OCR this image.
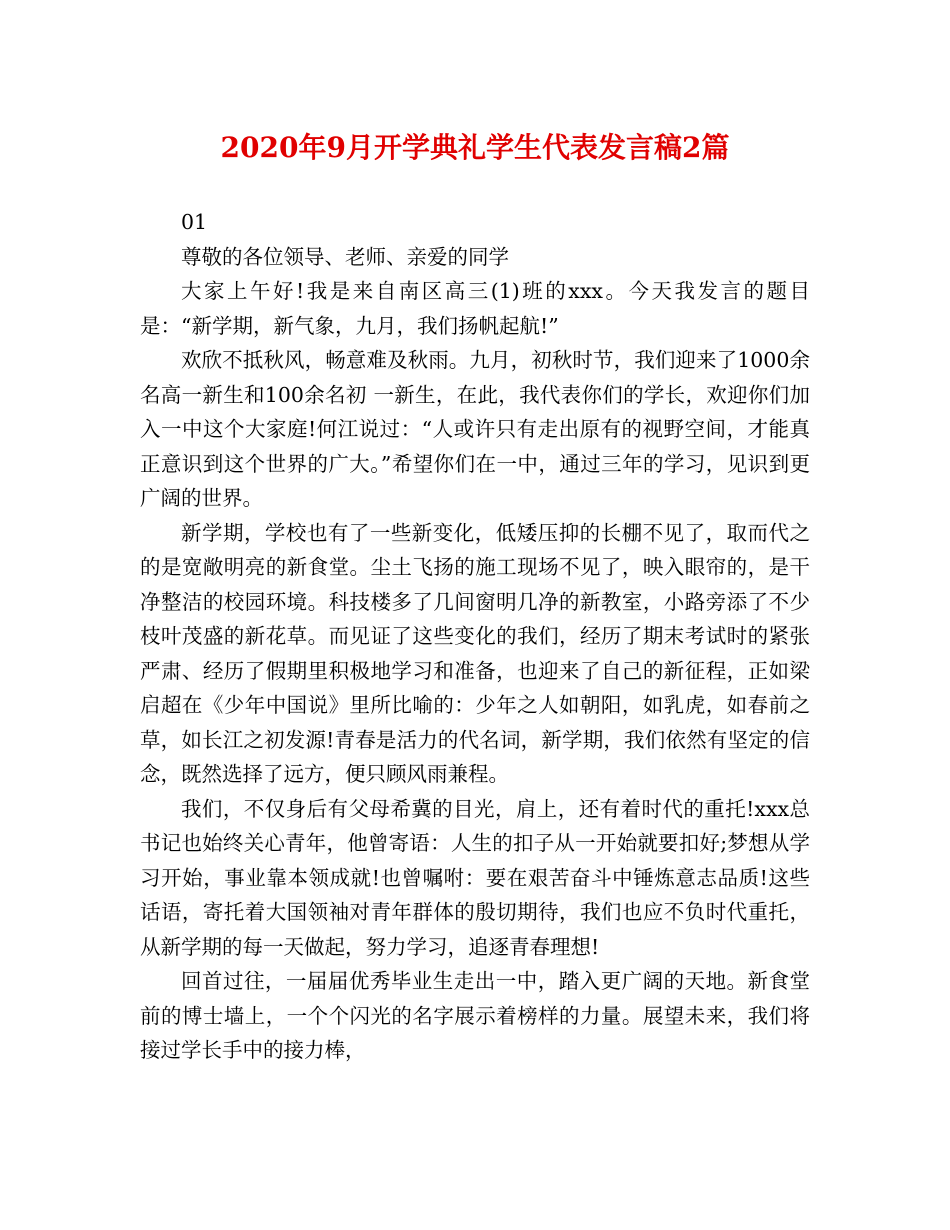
2020年9月开学典礼学生代表发言稿2篇

01

尊敬的各位领导、老师、亲爱的同学

大家上午好!我是来自南区高三(1)班的xxx。今天我发言的题目是：“新学期，新气象，九月，我们扬帆起航!”

欢欣不抵秋风，畅意难及秋雨。九月，初秋时节，我们迎来了1000余名高一新生和100余名初 一新生，在此，我代表你们的学长，欢迎你们加入一中这个大家庭!何江说过：“人或许只有走出原有的视野空间，才能真正意识到这个世界的广大。”希望你们在一中，通过三年的学习，见识到更广阔的世界。

新学期，学校也有了一些新变化，低矮压抑的长棚不见了，取而代之的是宽敞明亮的新食堂。尘土飞扬的施工现场不见了，映入眼帘的，是干净整洁的校园环境。科技楼多了几间窗明几净的新教室，小路旁添了不少枝叶茂盛的新花草。而见证了这些变化的我们，经历了期末考试时的紧张严肃、经历了假期里积极地学习和准备，也迎来了自己的新征程，正如梁启超在《少年中国说》里所比喻的：少年之人如朝阳，如乳虎，如春前之草，如长江之初发源!青春是活力的代名词，新学期，我们依然有坚定的信念，既然选择了远方，便只顾风雨兼程。

我们，不仅身后有父母希冀的目光，肩上，还有着时代的重托!xxx总书记也始终关心青年，他曾寄语：人生的扣子从一开始就要扣好;梦想从学习开始，事业靠本领成就!也曾嘱咐：要在艰苦奋斗中锤炼意志品质!这些话语，寄托着大国领袖对青年群体的殷切期待，我们也应不负时代重托，从新学期的每一天做起，努力学习，追逐青春理想!

回首过往，一届届优秀毕业生走出一中，踏入更广阔的天地。新食堂前的博士墙上，一个个闪光的名字展示着榜样的力量。展望未来，我们将接过学长手中的接力棒，
